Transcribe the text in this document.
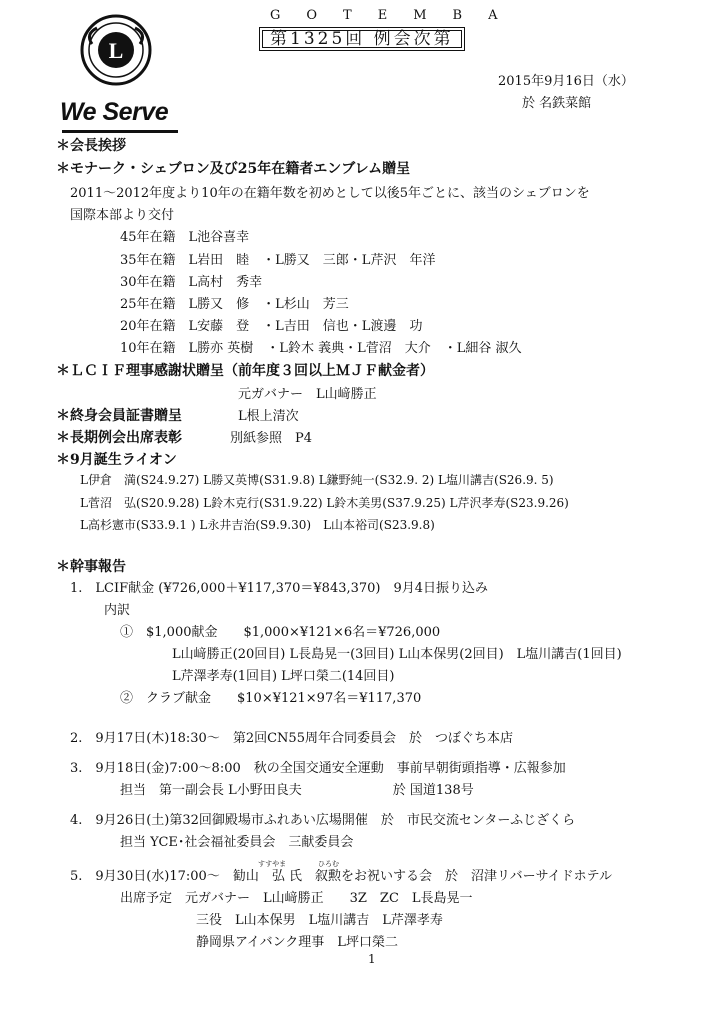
L
We Serve
GOTEMBA
第1325回 例会次第
2015年9月16日（水）
於 名鉄菜館
＊会長挨拶
＊モナーク・シェブロン及び25年在籍者エンブレム贈呈
2011～2012年度より10年の在籍年数を初めとして以後5年ごとに、該当のシェブロンを
国際本部より交付
45年在籍　L池谷喜幸
35年在籍　L岩田　睦　・L勝又　三郎・L芹沢　年洋
30年在籍　L高村　秀幸
25年在籍　L勝又　修　・L杉山　芳三
20年在籍　L安藤　登　・L吉田　信也・L渡邊　功
10年在籍　L勝亦 英樹　・L鈴木 義典・L菅沼　大介　・L細谷 淑久
＊ＬＣＩＦ理事感謝状贈呈（前年度３回以上ＭＪＦ献金者）
元ガバナー　L山﨑勝正
＊終身会員証書贈呈	L根上清次
＊長期例会出席表彰	別紙参照　P4
＊9月誕生ライオン
L伊倉　満(S24.9.27) L勝又英博(S31.9.8) L鎌野純一(S32.9. 2) L塩川講吉(S26.9. 5)
L菅沼　弘(S20.9.28) L鈴木克行(S31.9.22) L鈴木美男(S37.9.25) L芹沢孝寿(S23.9.26)
L高杉憲市(S33.9.1 ) L永井吉治(S9.9.30)　L山本裕司(S23.9.8)
＊幹事報告
1.　LCIF献金 (¥726,000＋¥117,370＝¥843,370)　9月4日振り込み
内訳
①　$1,000献金　　$1,000×¥121×6名＝¥726,000
L山﨑勝正(20回目) L長島晃一(3回目) L山本保男(2回目)　L塩川講吉(1回目)
L芹澤孝寿(1回目) L坪口榮二(14回目)
②　クラブ献金　　$10×¥121×97名＝¥117,370
2.　9月17日(木)18:30～　第2回CN55周年合同委員会　於　つぼぐち本店
3.　9月18日(金)7:00～8:00　秋の全国交通安全運動　事前早朝街頭指導・広報参加
担当　第一副会長 L小野田良夫　　　　　　　於 国道138号
4.　9月26日(土)第32回御殿場市ふれあい広場開催　於　市民交流センターふじざくら
担当 YCE･社会福祉委員会　三献委員会
すすやま	ひろむ
5.　9月30日(水)17:00～　勧山　弘 氏　叙勲をお祝いする会　於　沼津リバーサイドホテル
出席予定　元ガバナー　L山﨑勝正　　3Z　ZC　L長島晃一
三役　L山本保男　L塩川講吉　L芹澤孝寿
静岡県アイバンク理事　L坪口榮二
1
